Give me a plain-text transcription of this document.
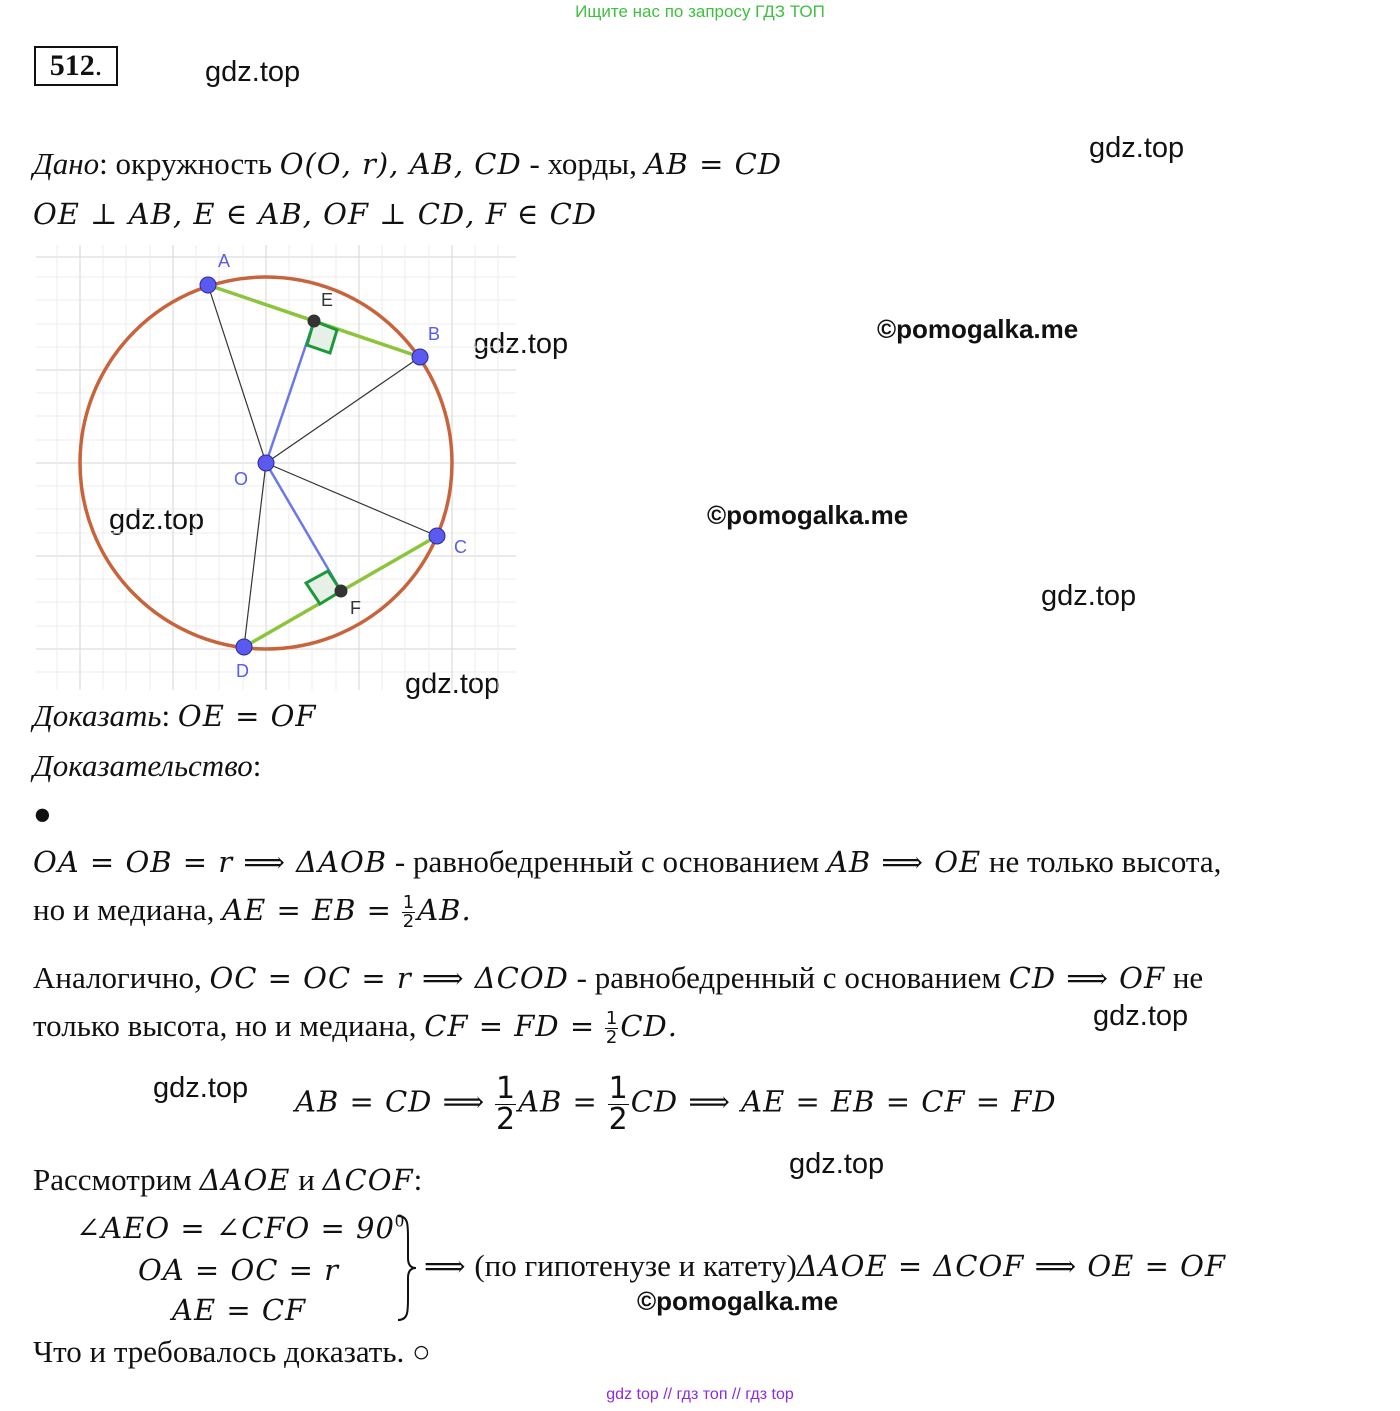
Ищите нас по запросу ГДЗ ТОП
512.	gdz.top
gdz.top
gdz.top
gdz.top
gdz.top
gdz.top
gdz.top
gdz.top
gdz.top
©pomogalka.me
©pomogalka.me
©pomogalka.me
Дано: окружность 𝑂(𝑂, 𝑟), 𝐴𝐵, 𝐶𝐷 - хорды, 𝐴𝐵 = 𝐶𝐷
𝑂𝐸 ⊥ 𝐴𝐵, 𝐸 ∈ 𝐴𝐵, 𝑂𝐹 ⊥ 𝐶𝐷, 𝐹 ∈ 𝐶𝐷
A
B
C
D
O
E
F
Доказать: 𝑂𝐸 = 𝑂𝐹
Доказательство:
●
𝑂𝐴 = 𝑂𝐵 = 𝑟 ⟹ Δ𝐴𝑂𝐵 - равнобедренный с основанием 𝐴𝐵 ⟹ 𝑂𝐸 не только высота,
но и медиана, 𝐴𝐸 = 𝐸𝐵 = $\frac{1}{2}$ 𝐴𝐵.
Аналогично, 𝑂𝐶 = 𝑂𝐶 = 𝑟 ⟹ Δ𝐶𝑂𝐷 - равнобедренный с основанием 𝐶𝐷 ⟹ 𝑂𝐹 не
только высота, но и медиана, 𝐶𝐹 = 𝐹𝐷 = $\frac{1}{2}$ 𝐶𝐷.
𝐴𝐵 = 𝐶𝐷 ⟹ $\frac{1}{2}$ 𝐴𝐵 = $\frac{1}{2}$ 𝐶𝐷 ⟹ 𝐴𝐸 = 𝐸𝐵 = 𝐶𝐹 = 𝐹𝐷
Рассмотрим Δ𝐴𝑂𝐸 и Δ𝐶𝑂𝐹:
∠𝐴𝐸𝑂 = ∠𝐶𝐹𝑂 = $90^0$
𝑂𝐴 = 𝑂𝐶 = 𝑟
𝐴𝐸 = 𝐶𝐹
⟹ (по гипотенузе и катету)Δ𝐴𝑂𝐸 = Δ𝐶𝑂𝐹 ⟹ 𝑂𝐸 = 𝑂𝐹
Что и требовалось доказать. ○
gdz top // гдз топ // гдз top
